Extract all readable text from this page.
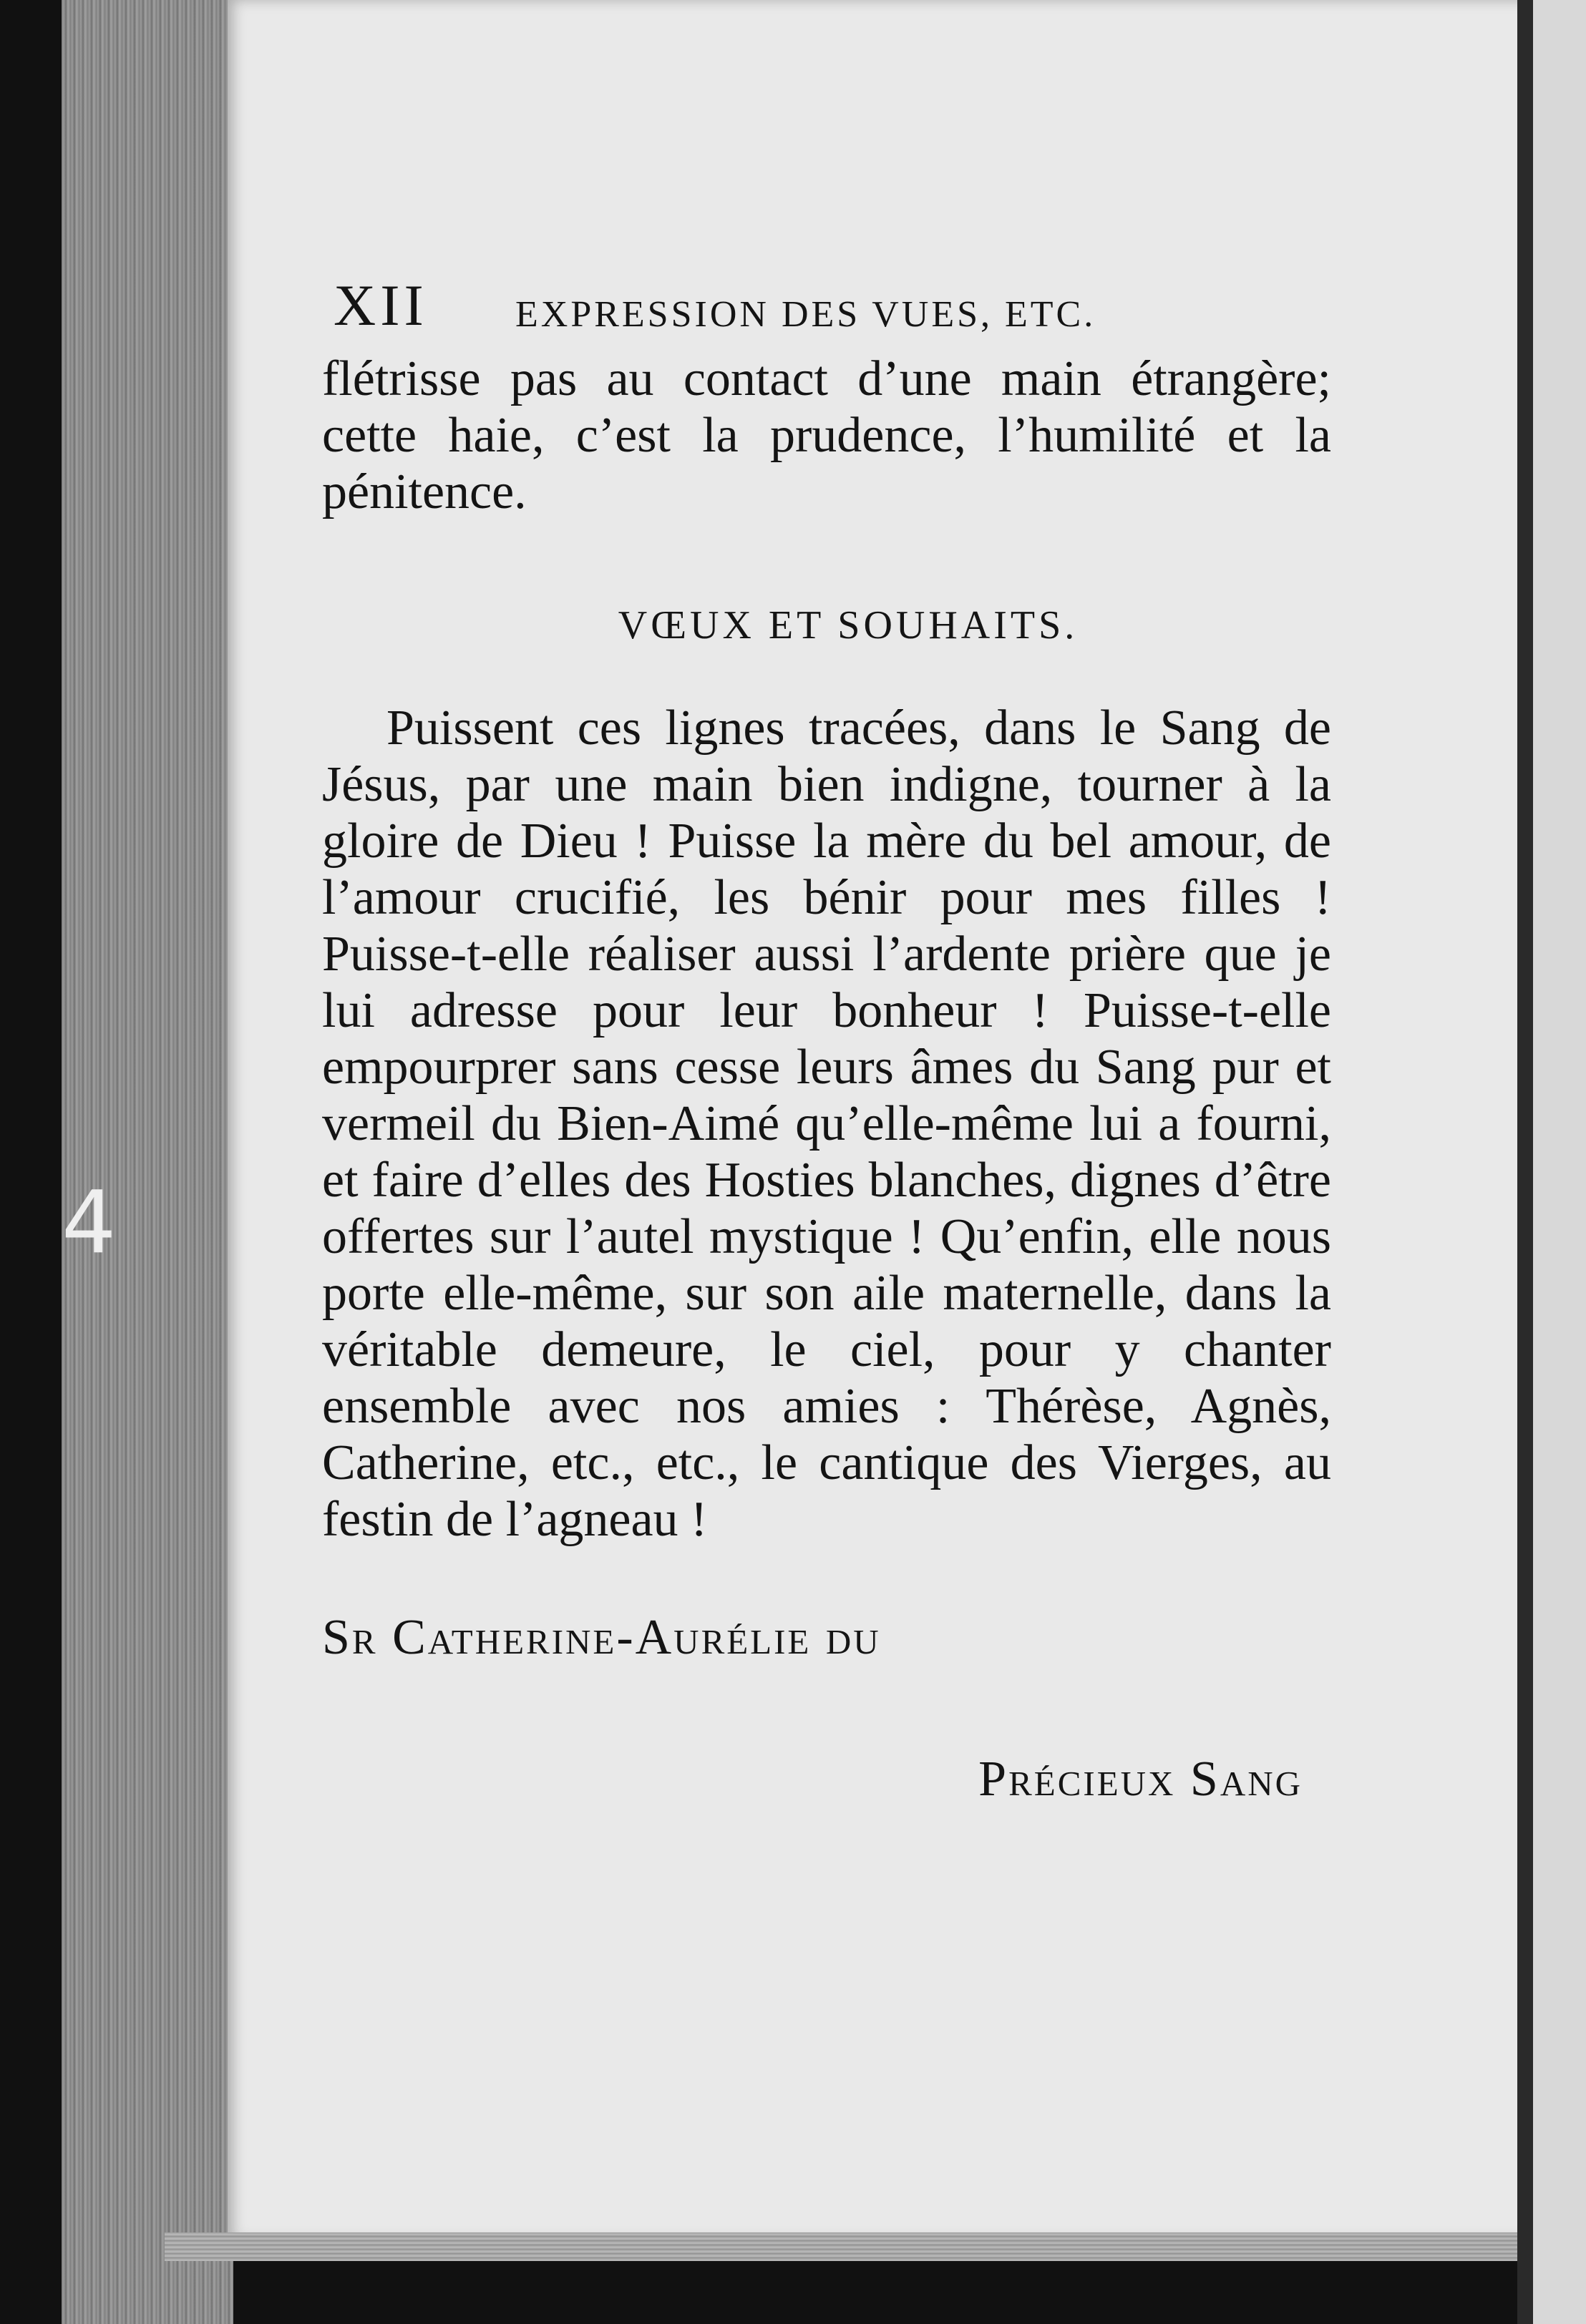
4
XII EXPRESSION DES VUES, ETC.

flétrisse pas au contact d’une main étrangère; cette haie, c’est la prudence, l’humilité et la pénitence.

VŒUX ET SOUHAITS.

Puissent ces lignes tracées, dans le Sang de Jésus, par une main bien indigne, tourner à la gloire de Dieu ! Puisse la mère du bel amour, de l’amour crucifié, les bénir pour mes filles ! Puisse-t-elle réaliser aussi l’ardente prière que je lui adresse pour leur bonheur ! Puisse-t-elle empourprer sans cesse leurs âmes du Sang pur et vermeil du Bien-Aimé qu’elle-même lui a fourni, et faire d’elles des Hosties blanches, dignes d’être offertes sur l’autel mystique ! Qu’enfin, elle nous porte elle-même, sur son aile maternelle, dans la véritable demeure, le ciel, pour y chanter ensemble avec nos amies : Thérèse, Agnès, Catherine, etc., etc., le cantique des Vierges, au festin de l’agneau !

Sr Catherine-Aurélie du
Précieux Sang
